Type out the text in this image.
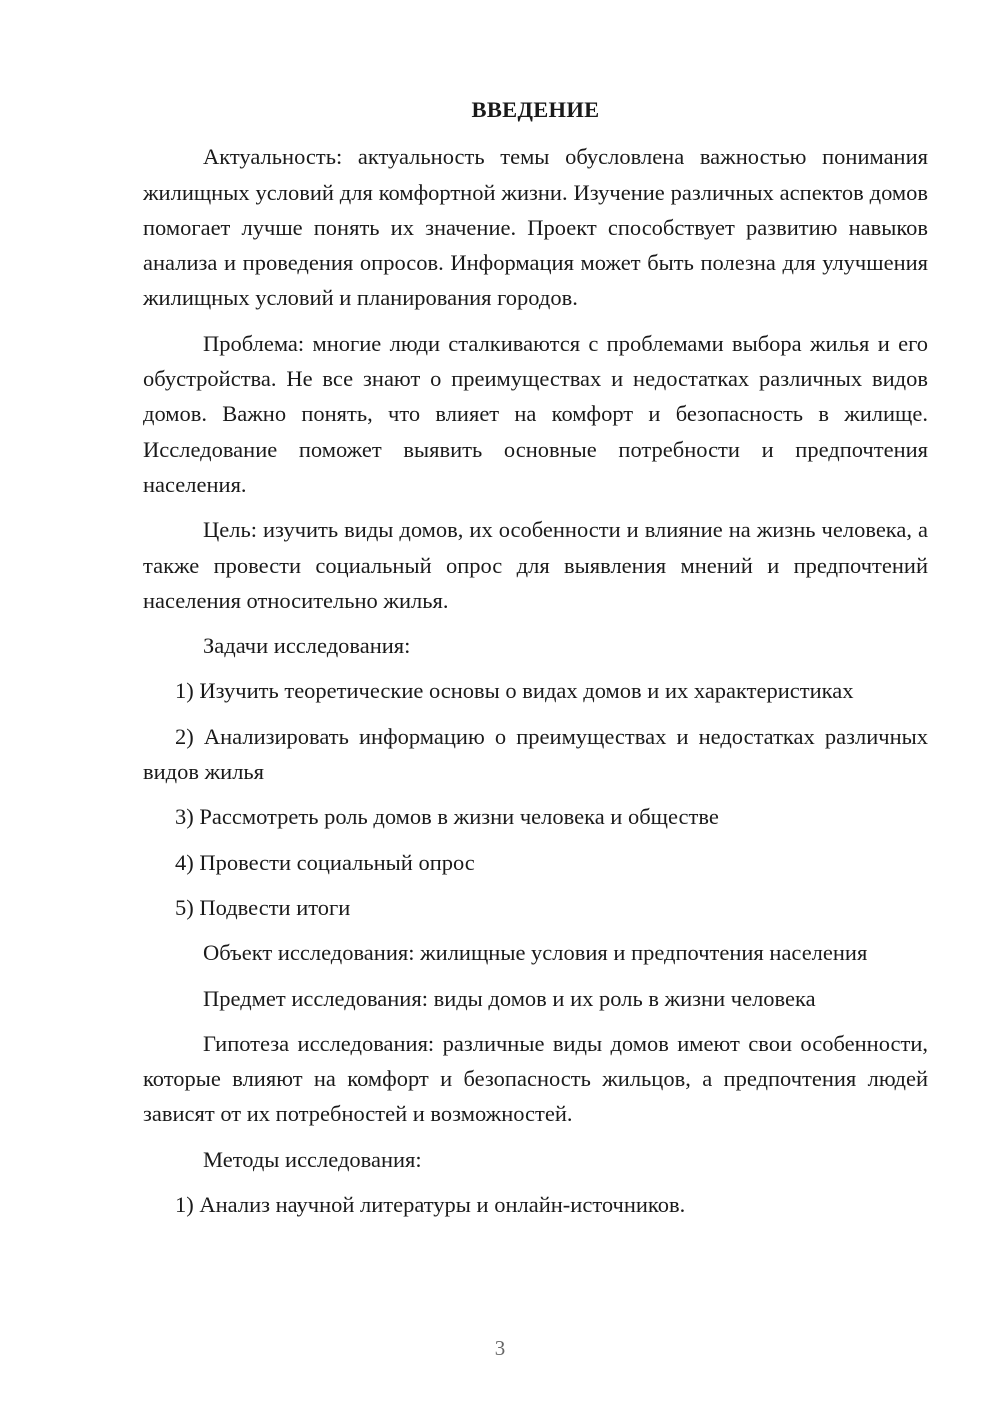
ВВЕДЕНИЕ

Актуальность: актуальность темы обусловлена важностью понимания жилищных условий для комфортной жизни. Изучение различных аспектов домов помогает лучше понять их значение. Проект способствует развитию навыков анализа и проведения опросов. Информация может быть полезна для улучшения жилищных условий и планирования городов.

Проблема: многие люди сталкиваются с проблемами выбора жилья и его обустройства. Не все знают о преимуществах и недостатках различных видов домов. Важно понять, что влияет на комфорт и безопасность в жилище. Исследование поможет выявить основные потребности и предпочтения населения.

Цель: изучить виды домов, их особенности и влияние на жизнь человека, а также провести социальный опрос для выявления мнений и предпочтений населения относительно жилья.

Задачи исследования:

1) Изучить теоретические основы о видах домов и их характеристиках

2) Анализировать информацию о преимуществах и недостатках различных видов жилья

3) Рассмотреть роль домов в жизни человека и обществе

4) Провести социальный опрос

5) Подвести итоги

Объект исследования: жилищные условия и предпочтения населения

Предмет исследования: виды домов и их роль в жизни человека

Гипотеза исследования: различные виды домов имеют свои особенности, которые влияют на комфорт и безопасность жильцов, а предпочтения людей зависят от их потребностей и возможностей.

Методы исследования:

1) Анализ научной литературы и онлайн-источников.

3
